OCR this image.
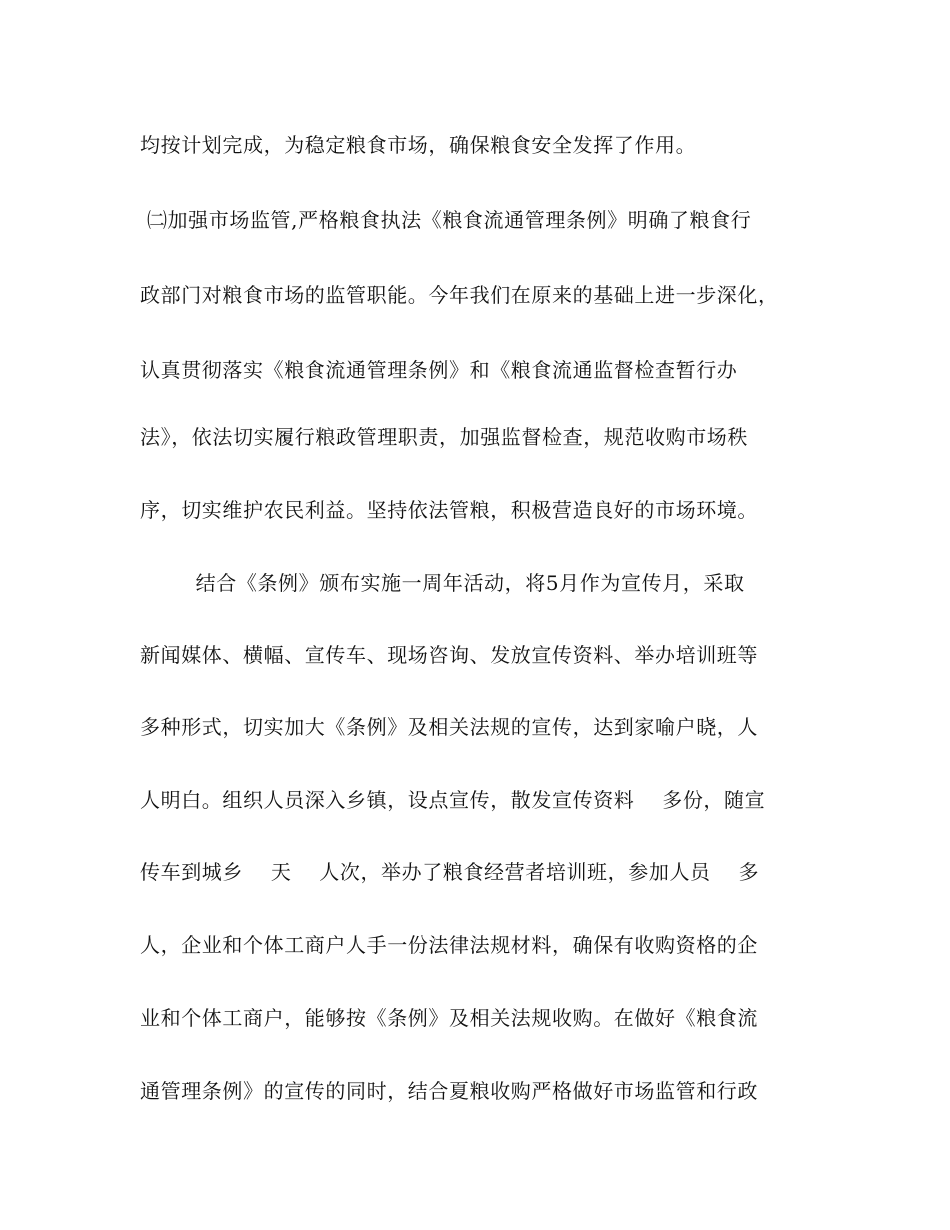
均按计划完成，为稳定粮食市场，确保粮食安全发挥了作用。
㈡加强市场监管,严格粮食执法《粮食流通管理条例》明确了粮食行
政部门对粮食市场的监管职能。今年我们在原来的基础上进一步深化，
认真贯彻落实《粮食流通管理条例》和《粮食流通监督检查暂行办
法》，依法切实履行粮政管理职责，加强监督检查，规范收购市场秩
序，切实维护农民利益。坚持依法管粮，积极营造良好的市场环境。
结合《条例》颁布实施一周年活动，将5月作为宣传月，采取
新闻媒体、横幅、宣传车、现场咨询、发放宣传资料、举办培训班等
多种形式，切实加大《条例》及相关法规的宣传，达到家喻户晓，人
人明白。组织人员深入乡镇，设点宣传，散发宣传资料    多份，随宣
传车到城乡    天    人次，举办了粮食经营者培训班，参加人员    多
人，企业和个体工商户人手一份法律法规材料，确保有收购资格的企
业和个体工商户，能够按《条例》及相关法规收购。在做好《粮食流
通管理条例》的宣传的同时，结合夏粮收购严格做好市场监管和行政
